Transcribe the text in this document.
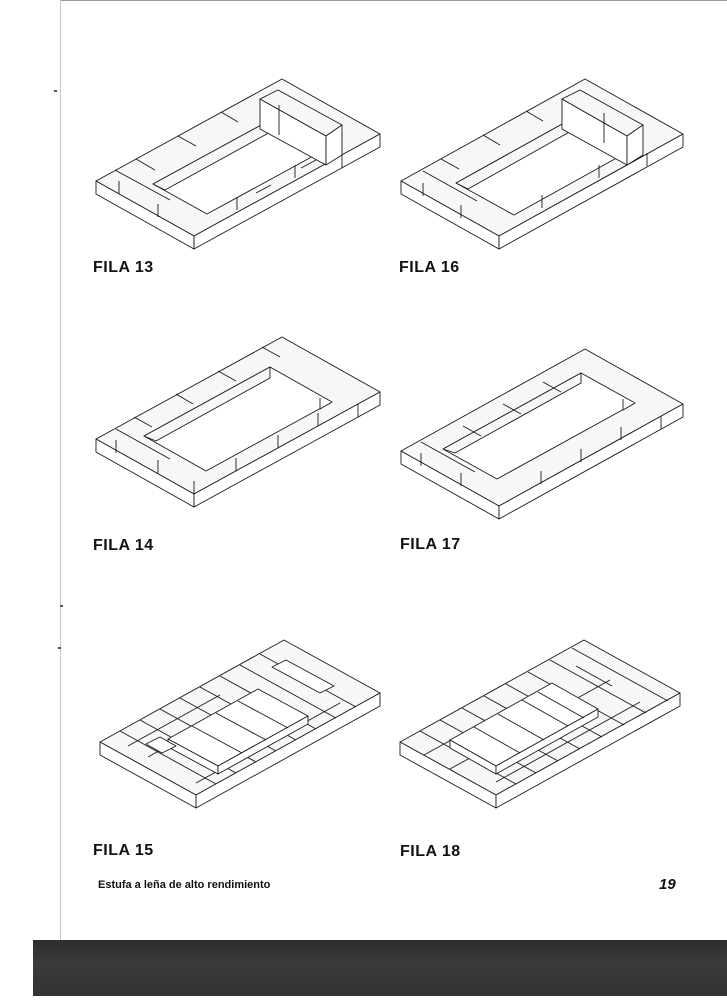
FILA 13	FILA 16
FILA 14	FILA 17
FILA 15	FILA 18
Estufa a leña de alto rendimiento	19
